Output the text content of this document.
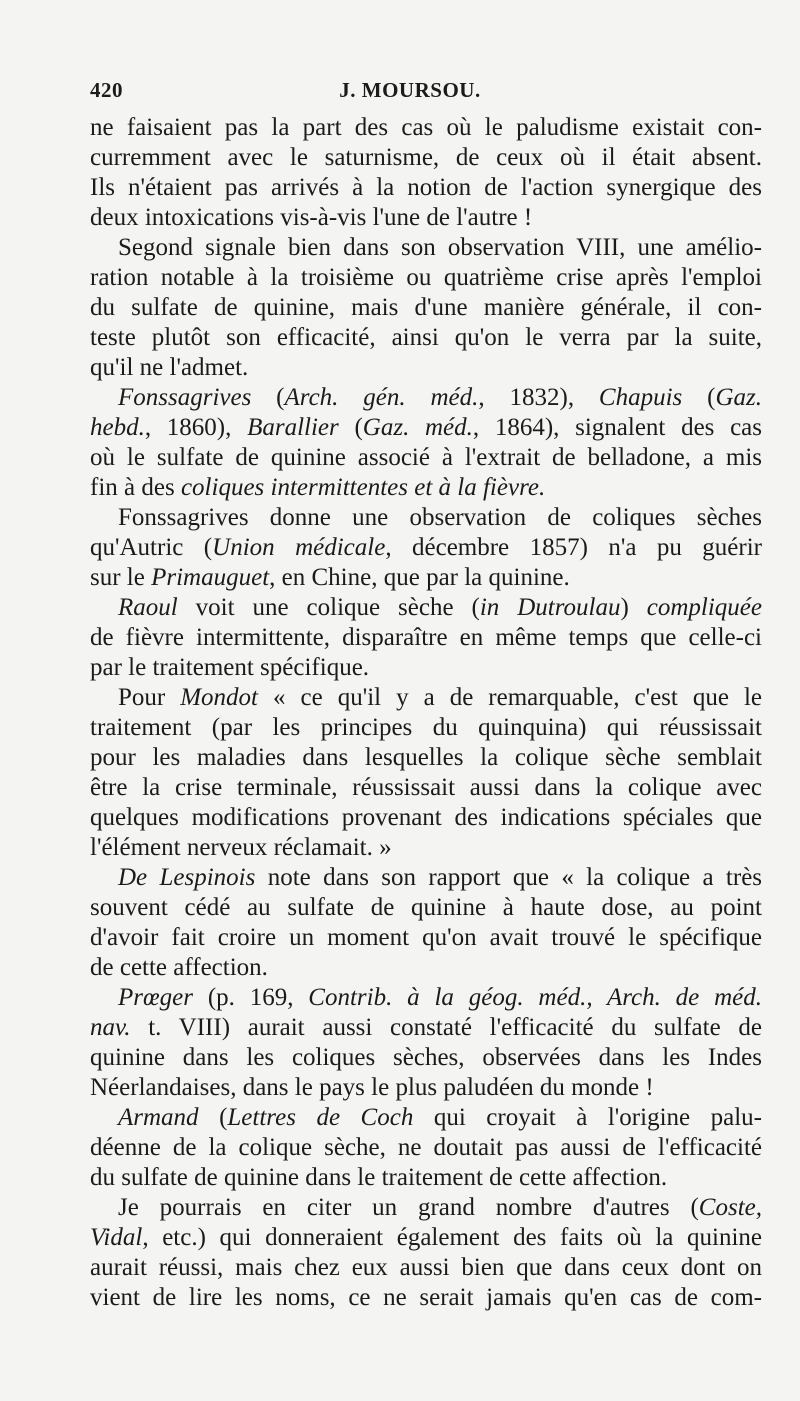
420	J. MOURSOU.
ne faisaient pas la part des cas où le paludisme existait con-
curremment avec le saturnisme, de ceux où il était absent.
Ils n'étaient pas arrivés à la notion de l'action synergique des
deux intoxications vis-à-vis l'une de l'autre !
Segond signale bien dans son observation VIII, une amélio-
ration notable à la troisième ou quatrième crise après l'emploi
du sulfate de quinine, mais d'une manière générale, il con-
teste plutôt son efficacité, ainsi qu'on le verra par la suite,
qu'il ne l'admet.
Fonssagrives (Arch. gén. méd., 1832), Chapuis (Gaz.
hebd., 1860), Barallier (Gaz. méd., 1864), signalent des cas
où le sulfate de quinine associé à l'extrait de belladone, a mis
fin à des coliques intermittentes et à la fièvre.
Fonssagrives donne une observation de coliques sèches
qu'Autric (Union médicale, décembre 1857) n'a pu guérir
sur le Primauguet, en Chine, que par la quinine.
Raoul voit une colique sèche (in Dutroulau) compliquée
de fièvre intermittente, disparaître en même temps que celle-ci
par le traitement spécifique.
Pour Mondot « ce qu'il y a de remarquable, c'est que le
traitement (par les principes du quinquina) qui réussissait
pour les maladies dans lesquelles la colique sèche semblait
être la crise terminale, réussissait aussi dans la colique avec
quelques modifications provenant des indications spéciales que
l'élément nerveux réclamait. »
De Lespinois note dans son rapport que « la colique a très
souvent cédé au sulfate de quinine à haute dose, au point
d'avoir fait croire un moment qu'on avait trouvé le spécifique
de cette affection.
Prœger (p. 169, Contrib. à la géog. méd., Arch. de méd.
nav. t. VIII) aurait aussi constaté l'efficacité du sulfate de
quinine dans les coliques sèches, observées dans les Indes
Néerlandaises, dans le pays le plus paludéen du monde !
Armand (Lettres de Coch qui croyait à l'origine palu-
déenne de la colique sèche, ne doutait pas aussi de l'efficacité
du sulfate de quinine dans le traitement de cette affection.
Je pourrais en citer un grand nombre d'autres (Coste,
Vidal, etc.) qui donneraient également des faits où la quinine
aurait réussi, mais chez eux aussi bien que dans ceux dont on
vient de lire les noms, ce ne serait jamais qu'en cas de com-
